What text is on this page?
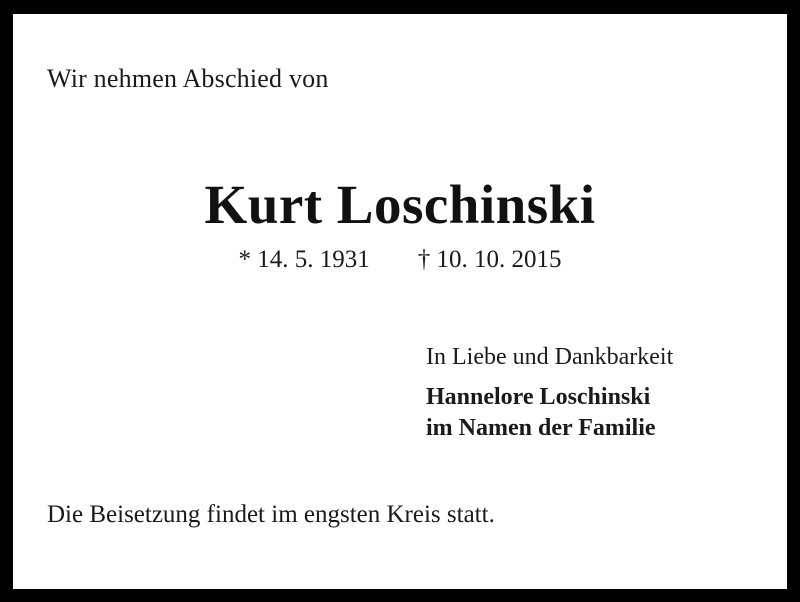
Wir nehmen Abschied von
Kurt Loschinski
* 14. 5. 1931 † 10. 10. 2015
In Liebe und Dankbarkeit
Hannelore Loschinski
im Namen der Familie
Die Beisetzung findet im engsten Kreis statt.
